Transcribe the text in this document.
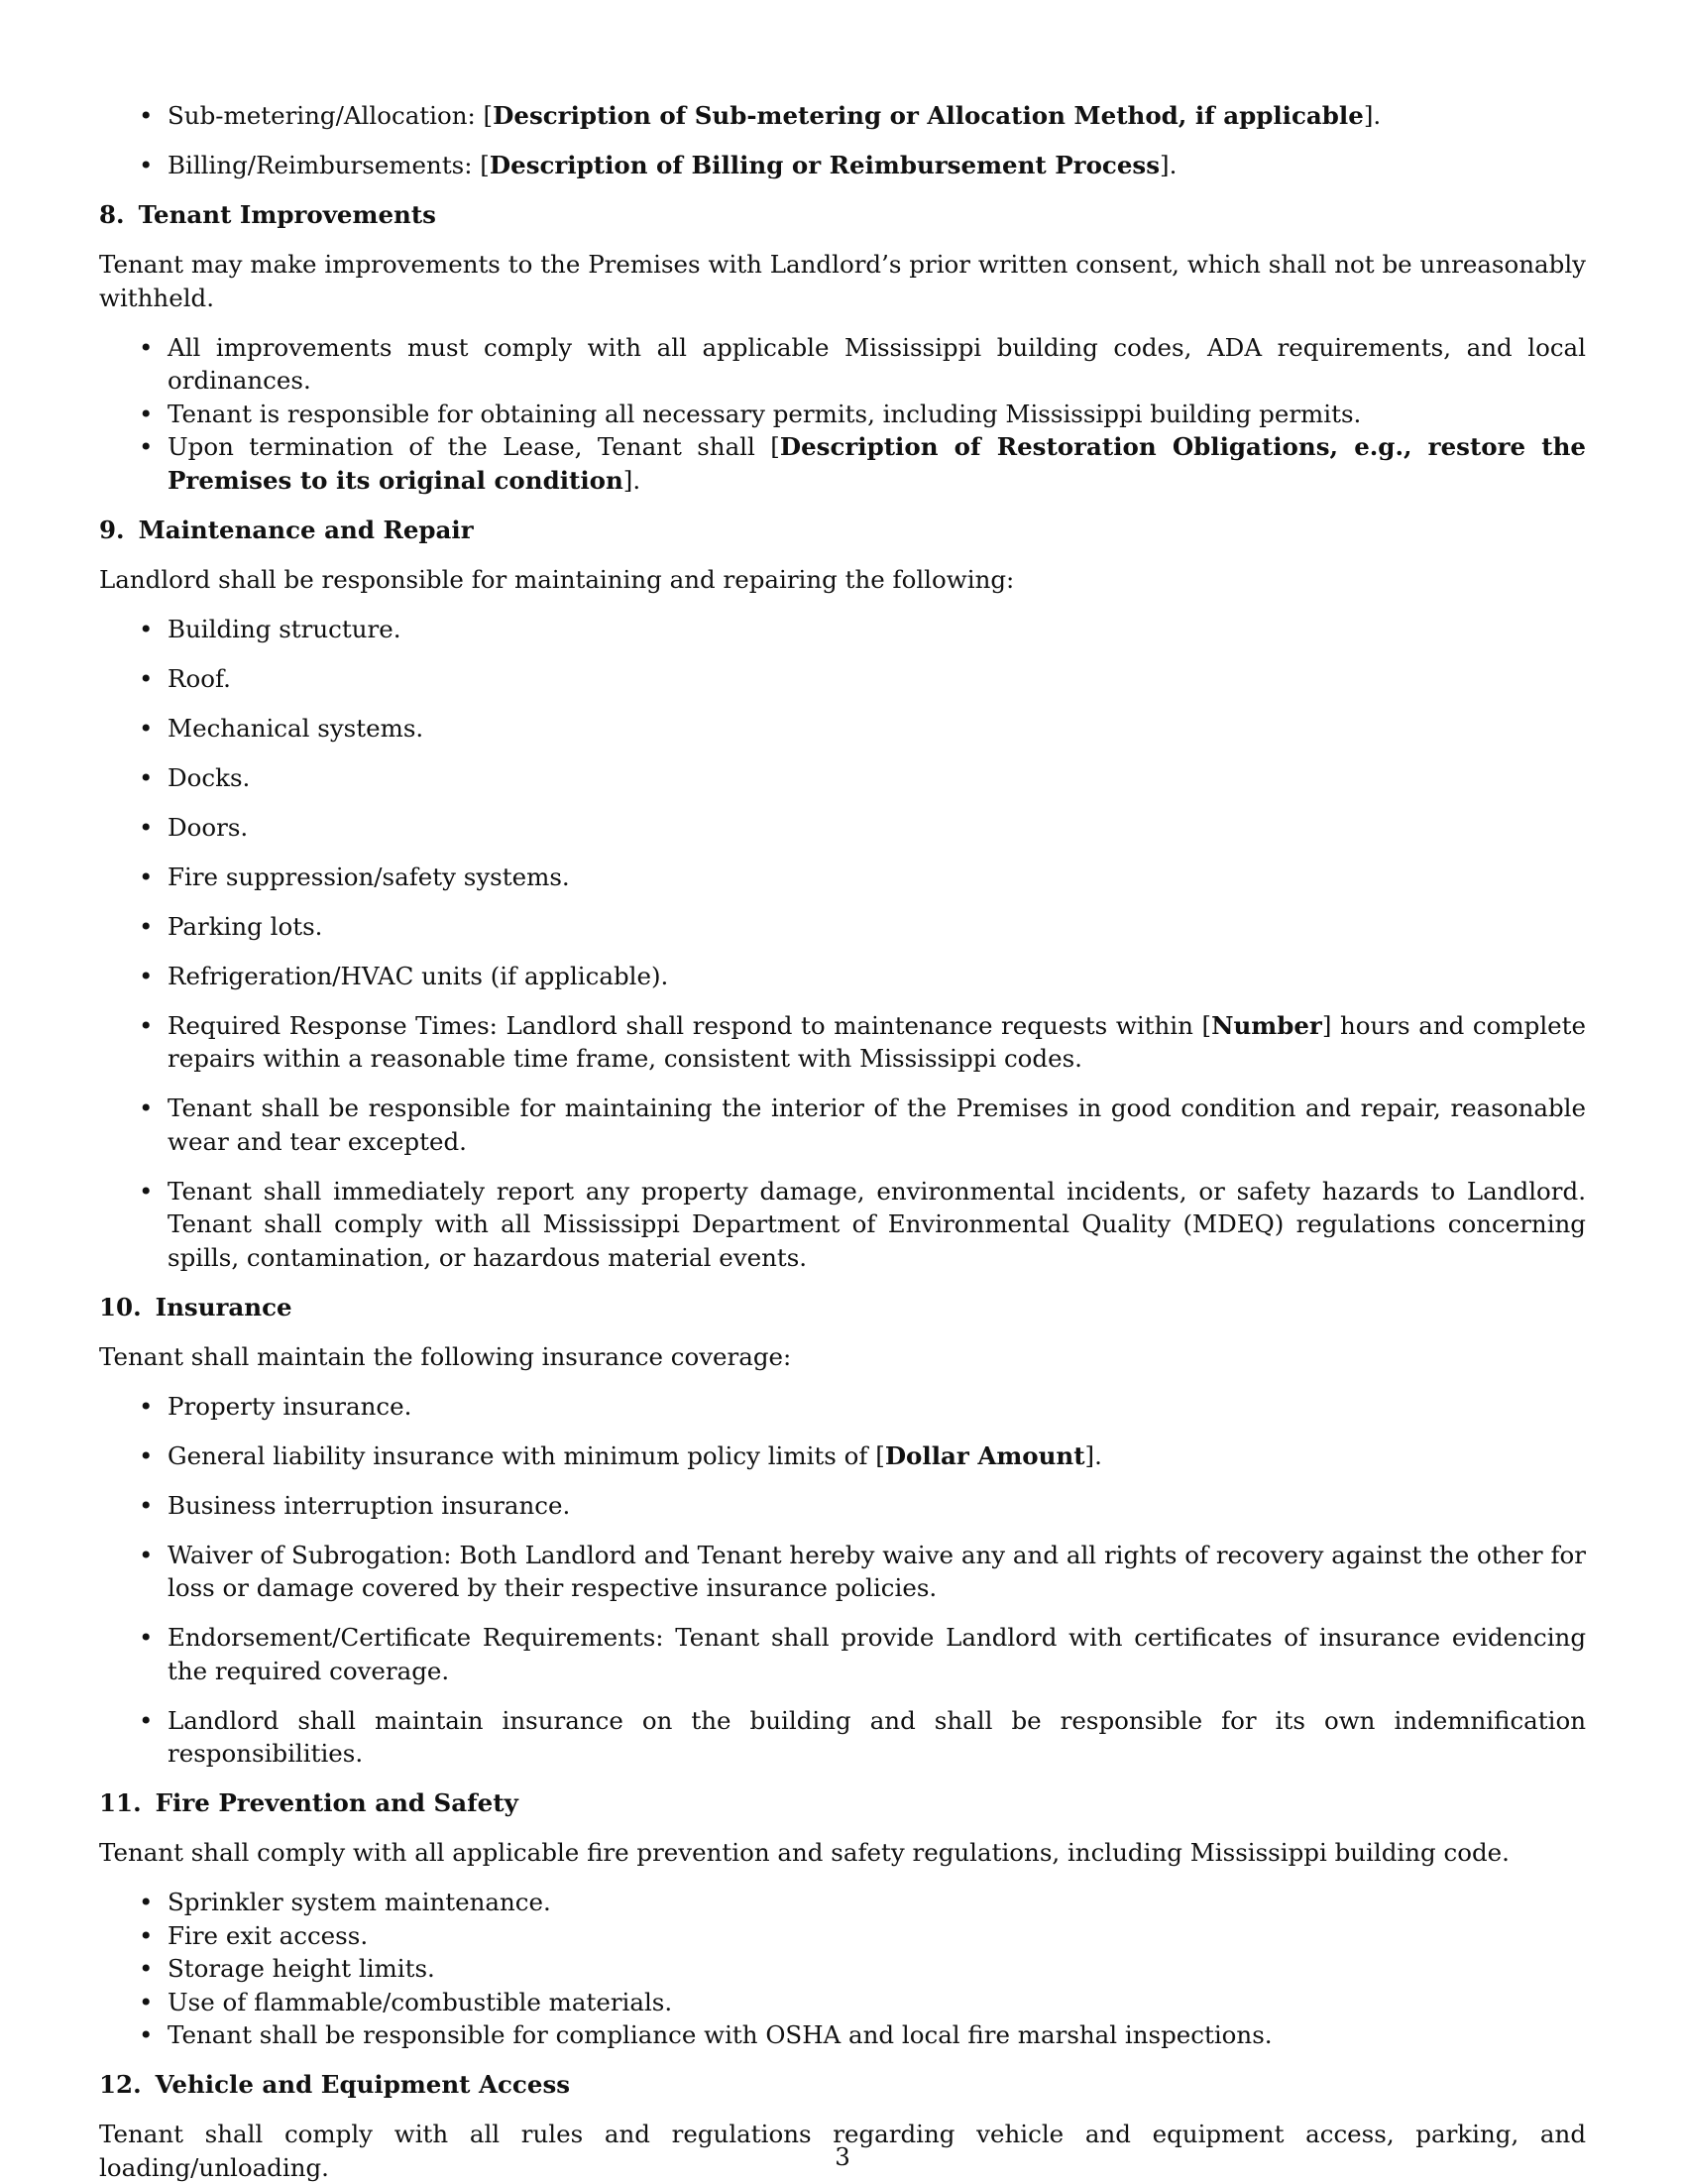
• Sub-metering/Allocation: [Description of Sub-metering or Allocation Method, if applicable].
• Billing/Reimbursements: [Description of Billing or Reimbursement Process].
8. Tenant Improvements

Tenant may make improvements to the Premises with Landlord’s prior written consent, which shall not be unreasonably withheld.

• All improvements must comply with all applicable Mississippi building codes, ADA requirements, and local ordinances.
• Tenant is responsible for obtaining all necessary permits, including Mississippi building permits.
• Upon termination of the Lease, Tenant shall [Description of Restoration Obligations, e.g., restore the Premises to its original condition].
9. Maintenance and Repair

Landlord shall be responsible for maintaining and repairing the following:

• Building structure.
• Roof.
• Mechanical systems.
• Docks.
• Doors.
• Fire suppression/safety systems.
• Parking lots.
• Refrigeration/HVAC units (if applicable).
• Required Response Times: Landlord shall respond to maintenance requests within [Number] hours and complete repairs within a reasonable time frame, consistent with Mississippi codes.
• Tenant shall be responsible for maintaining the interior of the Premises in good condition and repair, reasonable wear and tear excepted.
• Tenant shall immediately report any property damage, environmental incidents, or safety hazards to Landlord. Tenant shall comply with all Mississippi Department of Environmental Quality (MDEQ) regulations concerning spills, contamination, or hazardous material events.
10. Insurance

Tenant shall maintain the following insurance coverage:

• Property insurance.
• General liability insurance with minimum policy limits of [Dollar Amount].
• Business interruption insurance.
• Waiver of Subrogation: Both Landlord and Tenant hereby waive any and all rights of recovery against the other for loss or damage covered by their respective insurance policies.
• Endorsement/Certificate Requirements: Tenant shall provide Landlord with certificates of insurance evidencing the required coverage.
• Landlord shall maintain insurance on the building and shall be responsible for its own indemnification responsibilities.
11. Fire Prevention and Safety

Tenant shall comply with all applicable fire prevention and safety regulations, including Mississippi building code.

• Sprinkler system maintenance.
• Fire exit access.
• Storage height limits.
• Use of flammable/combustible materials.
• Tenant shall be responsible for compliance with OSHA and local fire marshal inspections.
12. Vehicle and Equipment Access

Tenant shall comply with all rules and regulations regarding vehicle and equipment access, parking, and loading/unloading.	3
